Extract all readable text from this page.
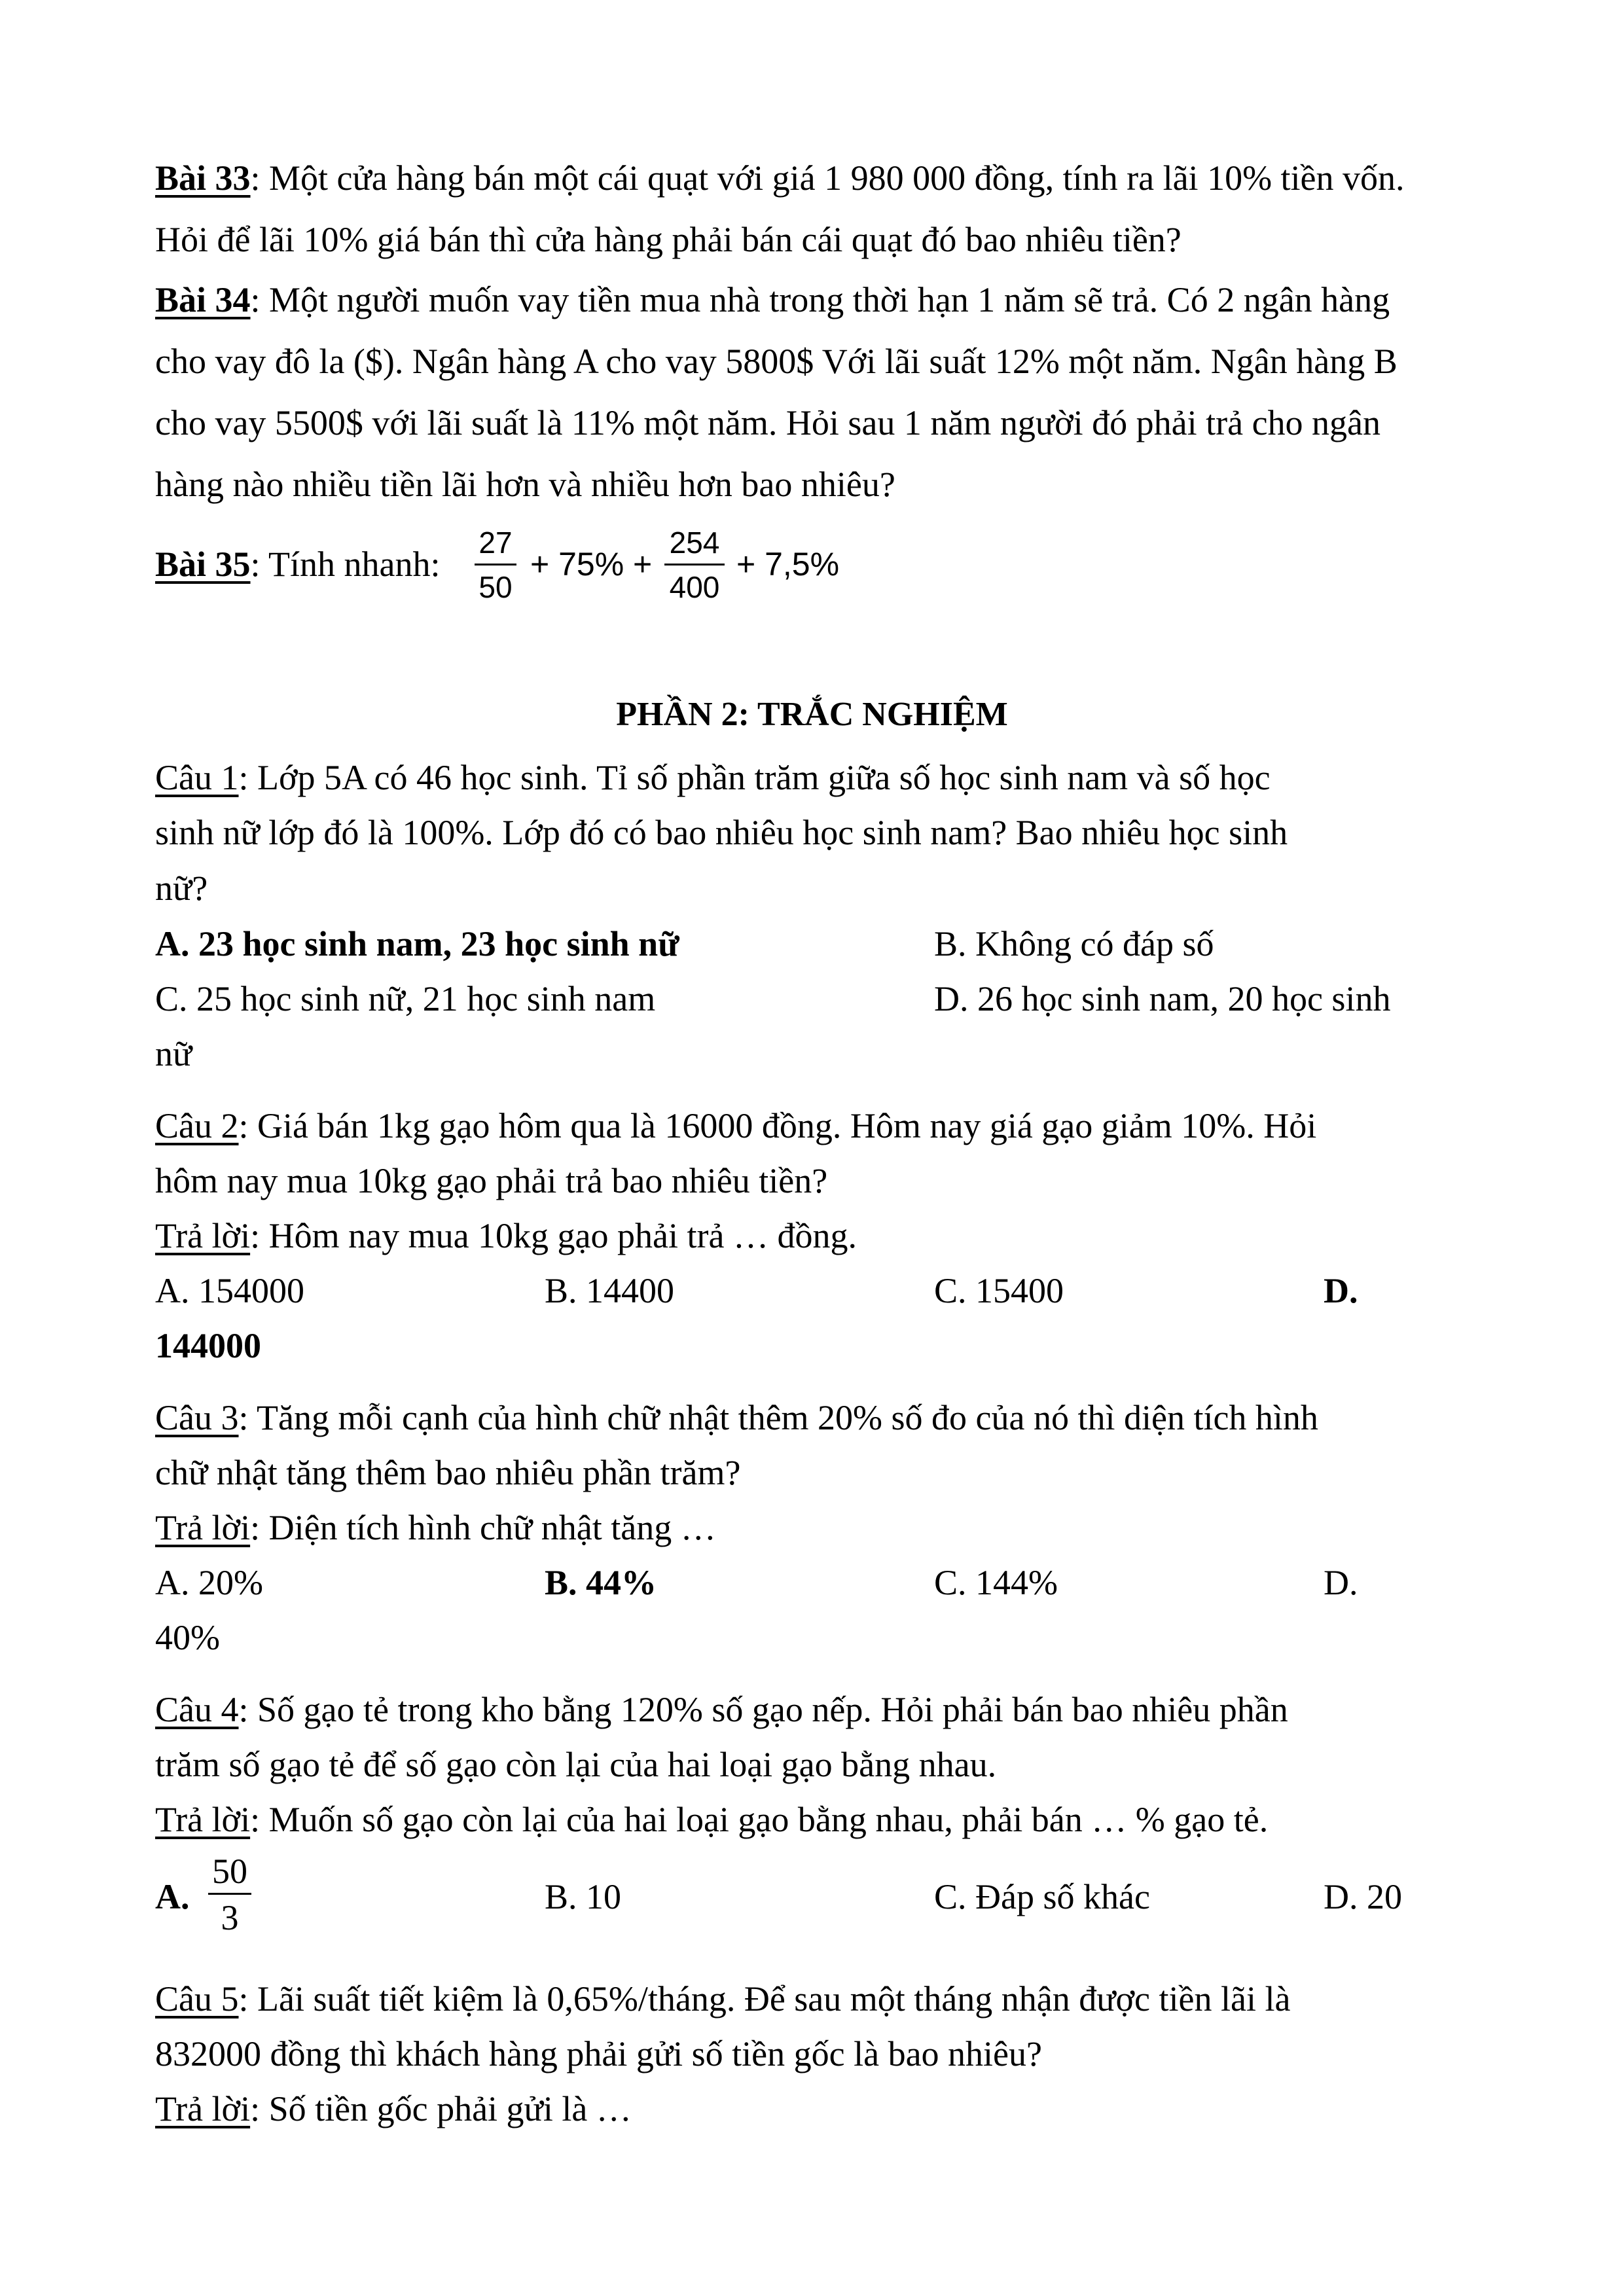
Bài 33: Một cửa hàng bán một cái quạt với giá 1 980 000 đồng, tính ra lãi 10% tiền vốn.
Hỏi để lãi 10% giá bán thì cửa hàng phải bán cái quạt đó bao nhiêu tiền?
Bài 34: Một người muốn vay tiền mua nhà trong thời hạn 1 năm sẽ trả. Có 2 ngân hàng
cho vay đô la ($). Ngân hàng A cho vay 5800$ Với lãi suất 12% một năm. Ngân hàng B
cho vay 5500$ với lãi suất là 11% một năm. Hỏi sau 1 năm người đó phải trả cho ngân
hàng nào nhiều tiền lãi hơn và nhiều hơn bao nhiêu?
Bài 35: Tính nhanh:
27
50
+ 75% +
254
400
+ 7,5%
PHẦN 2: TRẮC NGHIỆM
Câu 1: Lớp 5A có 46 học sinh. Tỉ số phần trăm giữa số học sinh nam và số học
sinh nữ lớp đó là 100%. Lớp đó có bao nhiêu học sinh nam? Bao nhiêu học sinh
nữ?
A. 23 học sinh nam, 23 học sinh nữ	B. Không có đáp số
C. 25 học sinh nữ, 21 học sinh nam	D. 26 học sinh nam, 20 học sinh
nữ
Câu 2: Giá bán 1kg gạo hôm qua là 16000 đồng. Hôm nay giá gạo giảm 10%. Hỏi
hôm nay mua 10kg gạo phải trả bao nhiêu tiền?
Trả lời: Hôm nay mua 10kg gạo phải trả … đồng.
A. 154000	B. 14400	C. 15400	D.
144000
Câu 3: Tăng mỗi cạnh của hình chữ nhật thêm 20% số đo của nó thì diện tích hình
chữ nhật tăng thêm bao nhiêu phần trăm?
Trả lời: Diện tích hình chữ nhật tăng …
A. 20%	B. 44%	C. 144%	D.
40%
Câu 4: Số gạo tẻ trong kho bằng 120% số gạo nếp. Hỏi phải bán bao nhiêu phần
trăm số gạo tẻ để số gạo còn lại của hai loại gạo bằng nhau.
Trả lời: Muốn số gạo còn lại của hai loại gạo bằng nhau, phải bán … % gạo tẻ.
A.
50
3
B. 10	C. Đáp số khác	D. 20
Câu 5: Lãi suất tiết kiệm là 0,65%/tháng. Để sau một tháng nhận được tiền lãi là
832000 đồng thì khách hàng phải gửi số tiền gốc là bao nhiêu?
Trả lời: Số tiền gốc phải gửi là …
